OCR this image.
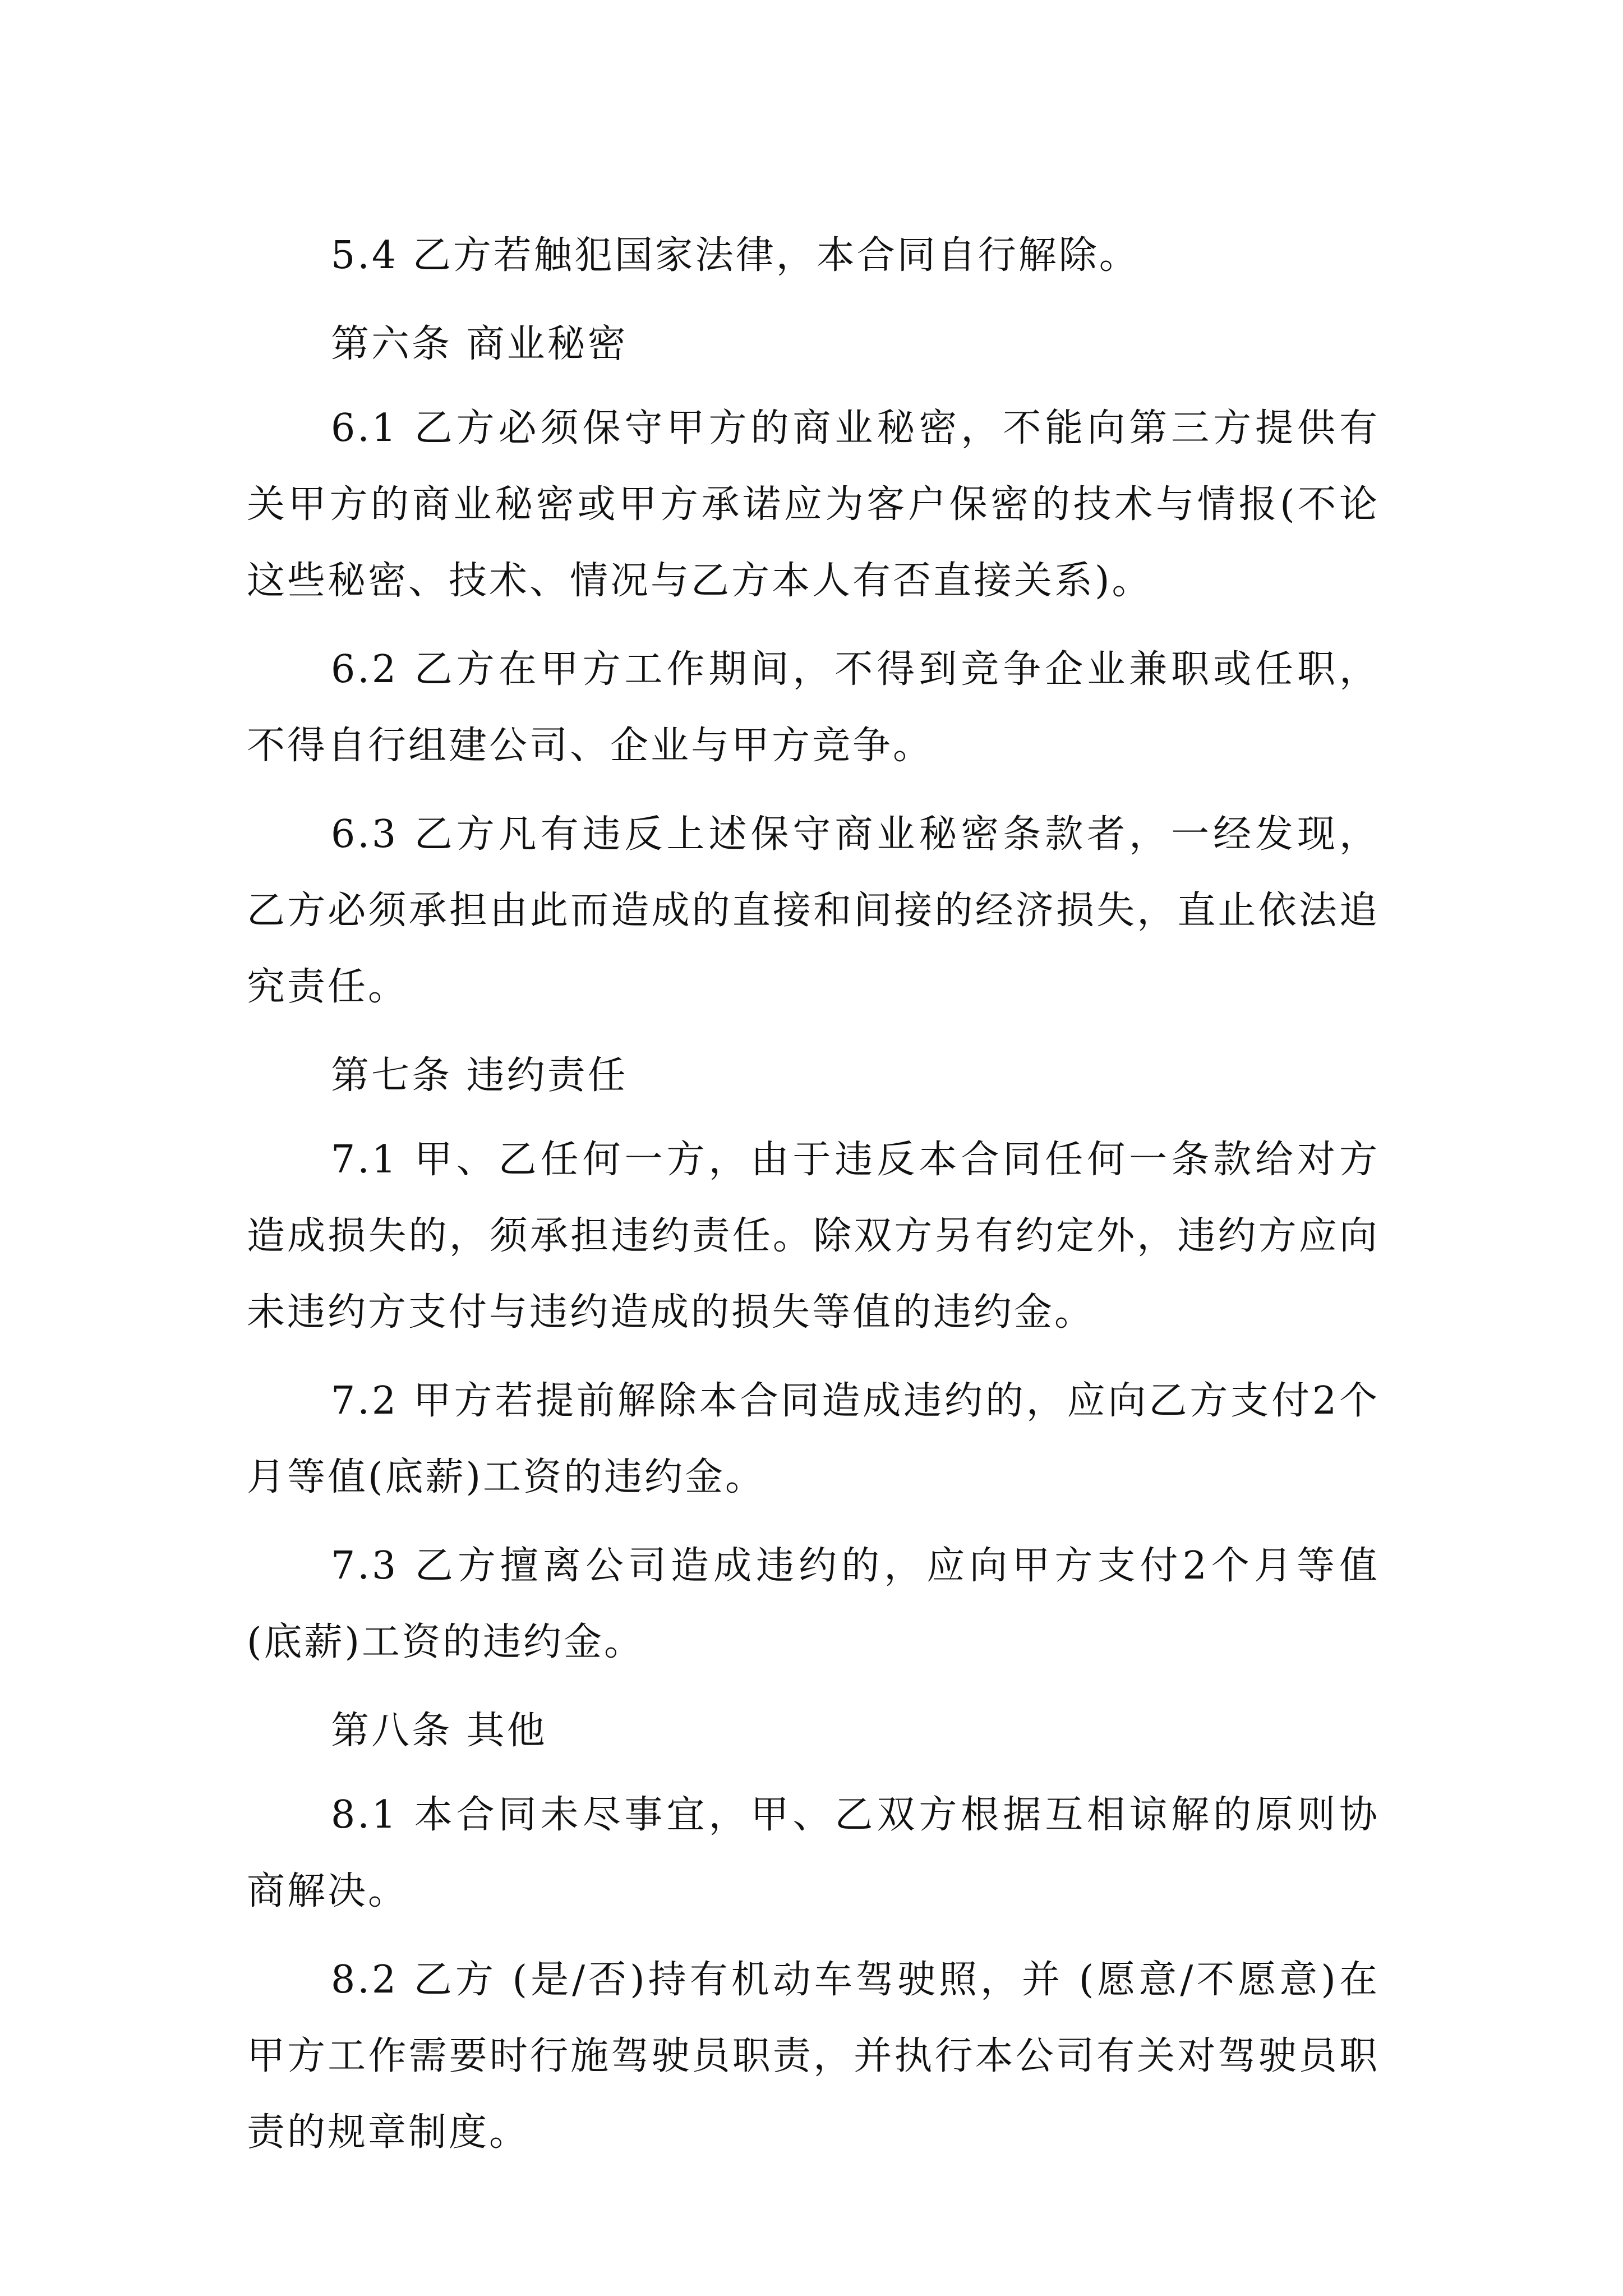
5.4 乙方若触犯国家法律，本合同自行解除。

第六条 商业秘密

6.1 乙方必须保守甲方的商业秘密，不能向第三方提供有关甲方的商业秘密或甲方承诺应为客户保密的技术与情报(不论这些秘密、技术、情况与乙方本人有否直接关系)。

6.2 乙方在甲方工作期间，不得到竞争企业兼职或任职，不得自行组建公司、企业与甲方竞争。

6.3 乙方凡有违反上述保守商业秘密条款者，一经发现，乙方必须承担由此而造成的直接和间接的经济损失，直止依法追究责任。

第七条 违约责任

7.1 甲、乙任何一方，由于违反本合同任何一条款给对方造成损失的，须承担违约责任。除双方另有约定外，违约方应向未违约方支付与违约造成的损失等值的违约金。

7.2 甲方若提前解除本合同造成违约的，应向乙方支付2个月等值(底薪)工资的违约金。

7.3 乙方擅离公司造成违约的，应向甲方支付2个月等值(底薪)工资的违约金。

第八条 其他

8.1 本合同未尽事宜，甲、乙双方根据互相谅解的原则协商解决。

8.2 乙方 (是/否)持有机动车驾驶照，并 (愿意/不愿意)在甲方工作需要时行施驾驶员职责，并执行本公司有关对驾驶员职责的规章制度。
